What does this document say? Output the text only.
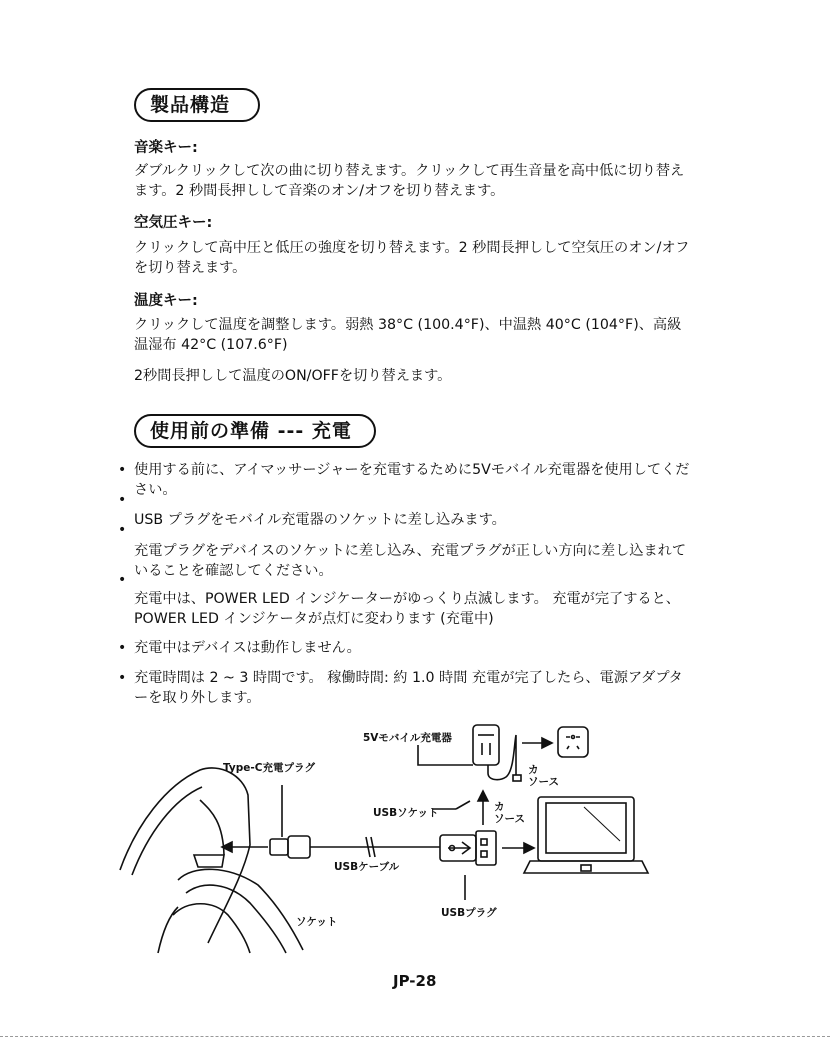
製品構造
音楽キー:
ダブルクリックして次の曲に切り替えます。クリックして再生音量を高中低に切り替えます。2 秒間長押しして音楽のオン/オフを切り替えます。
空気圧キー:
クリックして高中圧と低圧の強度を切り替えます。2 秒間長押しして空気圧のオン/オフを切り替えます。
温度キー:
クリックして温度を調整します。弱熱 38°C (100.4°F)、中温熱 40°C (104°F)、高級温湿布 42°C (107.6°F)
2秒間長押しして温度のON/OFFを切り替えます。
使用前の準備 --- 充電
• 使用する前に、アイマッサージャーを充電するために5Vモバイル充電器を使用してください。
•
USB プラグをモバイル充電器のソケットに差し込みます。
•
充電プラグをデバイスのソケットに差し込み、充電プラグが正しい方向に差し込まれていることを確認してください。
•
充電中は、POWER LED インジケーターがゆっくり点滅します。 充電が完了すると、POWER LED インジケータが点灯に変わります (充電中)
• 充電中はデバイスは動作しません。
• 充電時間は 2 ~ 3 時間です。 稼働時間: 約 1.0 時間 充電が完了したら、電源アダプターを取り外します。
5Vモバイル充電器
Type-C充電プラグ	カ
ソース
USBソケット	カ
ソース
USBケーブル
ソケット
USBプラグ
JP-28
